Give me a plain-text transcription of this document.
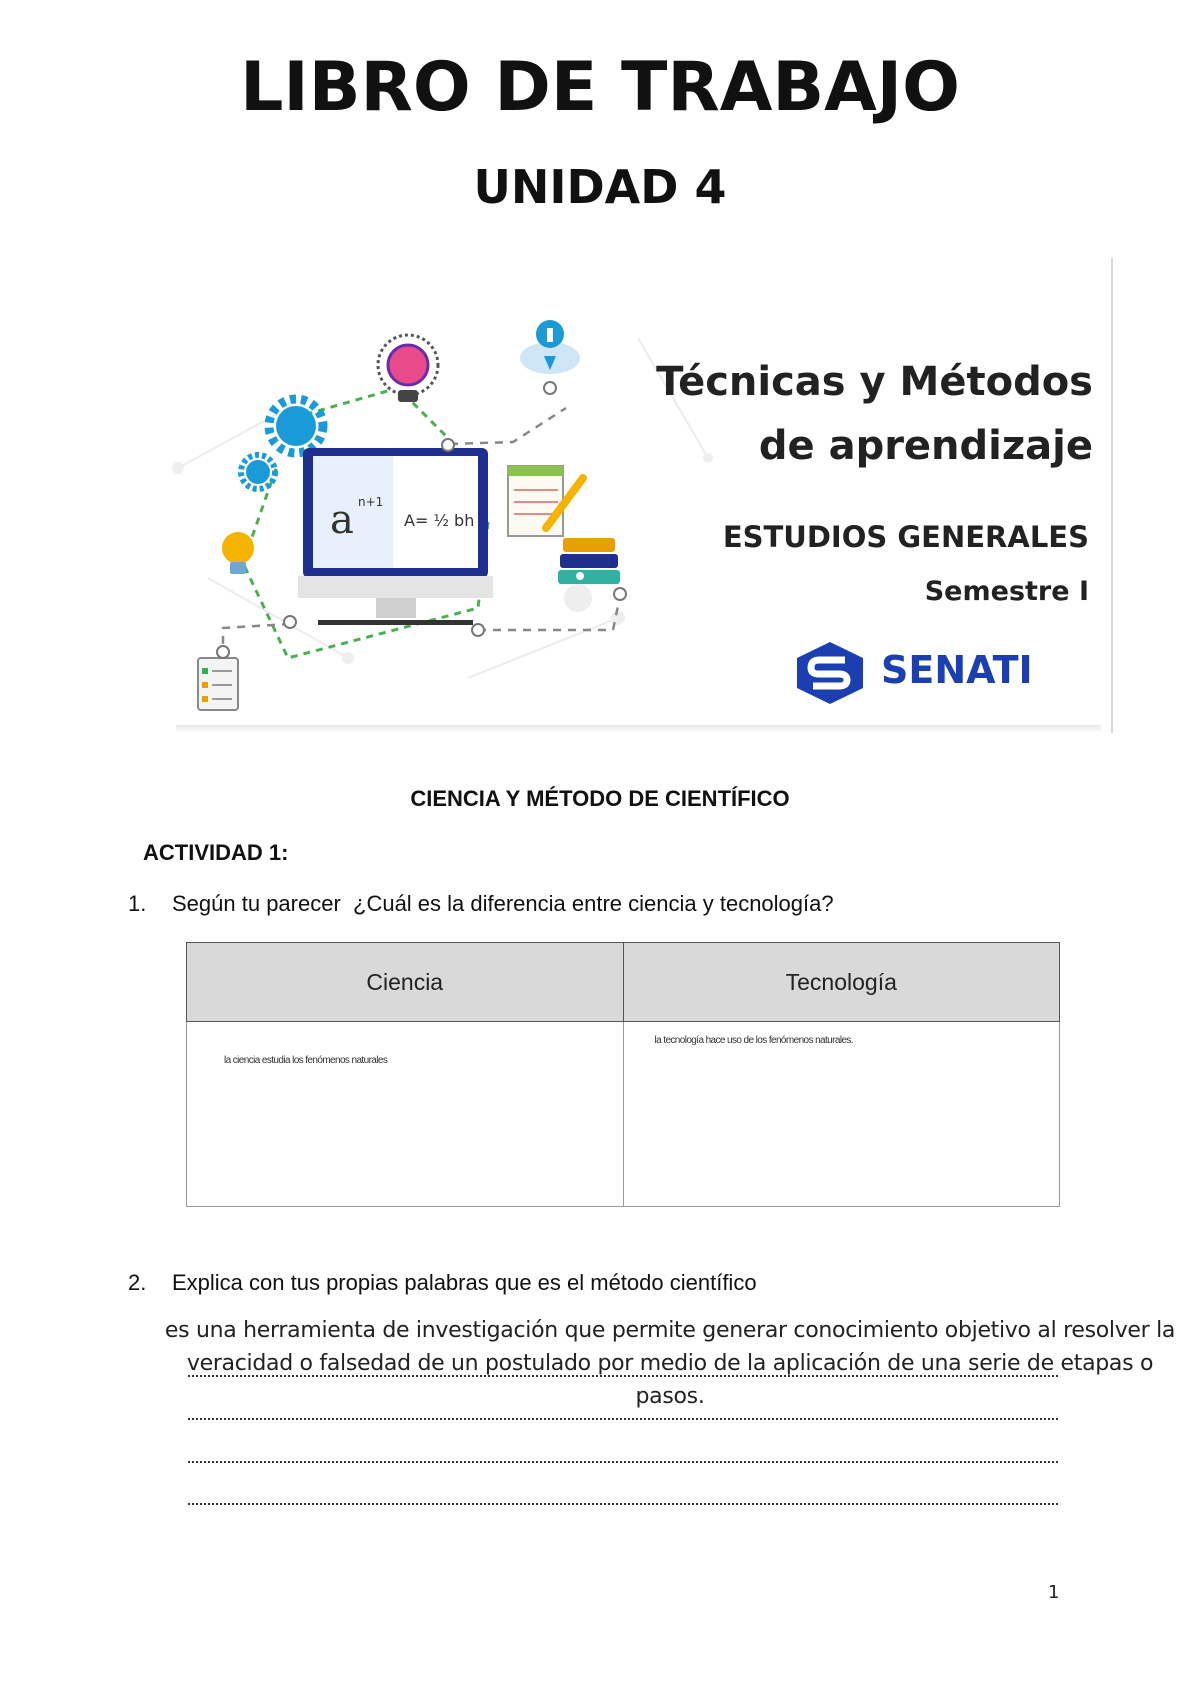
LIBRO DE TRABAJO
UNIDAD 4
a n+1
A= ½ bh
Técnicas y Métodos
de aprendizaje
ESTUDIOS GENERALES
Semestre I
SENATI
CIENCIA Y MÉTODO DE CIENTÍFICO
ACTIVIDAD 1:
1. Según tu parecer  ¿Cuál es la diferencia entre ciencia y tecnología?
Ciencia	Tecnología

la ciencia estudia los fenómenos naturales	la tecnología hace uso de los fenómenos naturales.
2. Explica con tus propias palabras que es el método científico
es una herramienta de investigación que permite generar conocimiento objetivo al resolver la
veracidad o falsedad de un postulado por medio de la aplicación de una serie de etapas o pasos.
1
